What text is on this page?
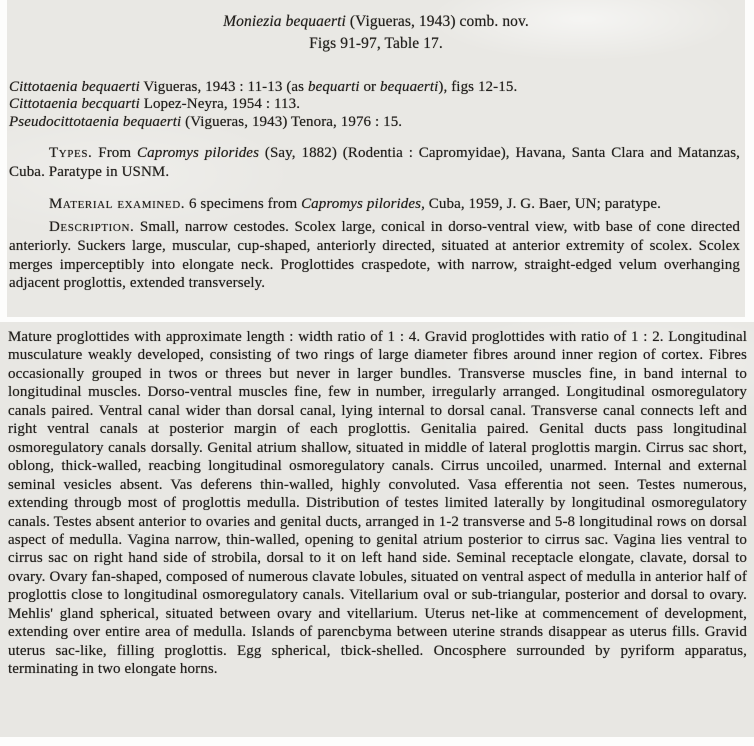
Moniezia bequaerti (Vigueras, 1943) comb. nov.
Figs 91-97, Table 17.
Cittotaenia bequaerti Vigueras, 1943 : 11-13 (as bequarti or bequaerti), figs 12-15.
Cittotaenia becquarti Lopez-Neyra, 1954 : 113.
Pseudocittotaenia bequaerti (Vigueras, 1943) Tenora, 1976 : 15.
Types. From Capromys pilorides (Say, 1882) (Rodentia : Capromyidae), Havana, Santa Clara and Matanzas, Cuba. Paratype in USNM.
Material examined. 6 specimens from Capromys pilorides, Cuba, 1959, J. G. Baer, UN; paratype.
Description. Small, narrow cestodes. Scolex large, conical in dorso-ventral view, witb base of cone directed anteriorly. Suckers large, muscular, cup-shaped, anteriorly directed, situated at anterior extremity of scolex. Scolex merges imperceptibly into elongate neck. Proglottides craspedote, with narrow, straight-edged velum overhanging adjacent proglottis, extended transversely.
Mature proglottides with approximate length : width ratio of 1 : 4. Gravid proglottides with ratio of 1 : 2. Longitudinal musculature weakly developed, consisting of two rings of large diameter fibres around inner region of cortex. Fibres occasionally grouped in twos or threes but never in larger bundles. Transverse muscles fine, in band internal to longitudinal muscles. Dorso-ventral muscles fine, few in number, irregularly arranged. Longitudinal osmoregulatory canals paired. Ventral canal wider than dorsal canal, lying internal to dorsal canal. Transverse canal connects left and right ventral canals at posterior margin of each proglottis. Genitalia paired. Genital ducts pass longitudinal osmoregulatory canals dorsally. Genital atrium shallow, situated in middle of lateral proglottis margin. Cirrus sac short, oblong, thick-walled, reacbing longitudinal osmoregulatory canals. Cirrus uncoiled, unarmed. Internal and external seminal vesicles absent. Vas deferens thin-walled, highly convoluted. Vasa efferentia not seen. Testes numerous, extending througb most of proglottis medulla. Distribution of testes limited laterally by longitudinal osmoregulatory canals. Testes absent anterior to ovaries and genital ducts, arranged in 1-2 transverse and 5-8 longitudinal rows on dorsal aspect of medulla. Vagina narrow, thin-walled, opening to genital atrium posterior to cirrus sac. Vagina lies ventral to cirrus sac on right hand side of strobila, dorsal to it on left hand side. Seminal receptacle elongate, clavate, dorsal to ovary. Ovary fan-shaped, composed of numerous clavate lobules, situated on ventral aspect of medulla in anterior half of proglottis close to longitudinal osmoregulatory canals. Vitellarium oval or sub-triangular, posterior and dorsal to ovary. Mehlis' gland spherical, situated between ovary and vitellarium. Uterus net-like at commencement of development, extending over entire area of medulla. Islands of parencbyma between uterine strands disappear as uterus fills. Gravid uterus sac-like, filling proglottis. Egg spherical, tbick-shelled. Oncosphere surrounded by pyriform apparatus, terminating in two elongate horns.
